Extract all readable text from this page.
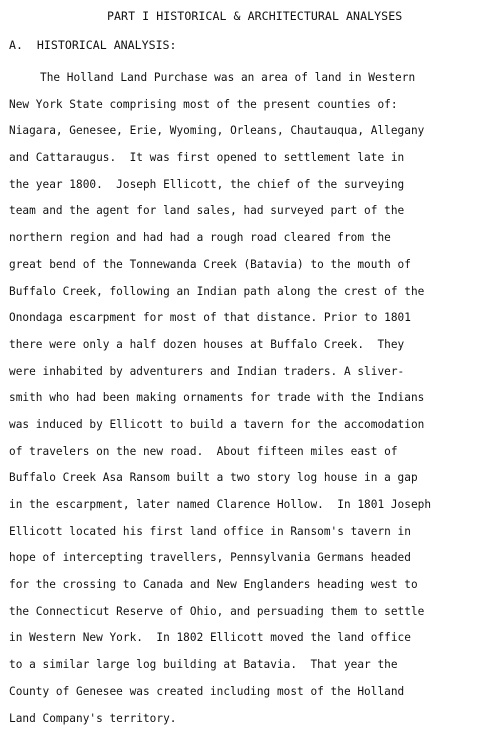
PART I HISTORICAL & ARCHITECTURAL ANALYSES
A.  HISTORICAL ANALYSIS:
The Holland Land Purchase was an area of land in Western
New York State comprising most of the present counties of:
Niagara, Genesee, Erie, Wyoming, Orleans, Chautauqua, Allegany
and Cattaraugus.  It was first opened to settlement late in
the year 1800.  Joseph Ellicott, the chief of the surveying
team and the agent for land sales, had surveyed part of the
northern region and had had a rough road cleared from the
great bend of the Tonnewanda Creek (Batavia) to the mouth of
Buffalo Creek, following an Indian path along the crest of the
Onondaga escarpment for most of that distance. Prior to 1801
there were only a half dozen houses at Buffalo Creek.  They
were inhabited by adventurers and Indian traders. A sliver-
smith who had been making ornaments for trade with the Indians
was induced by Ellicott to build a tavern for the accomodation
of travelers on the new road.  About fifteen miles east of
Buffalo Creek Asa Ransom built a two story log house in a gap
in the escarpment, later named Clarence Hollow.  In 1801 Joseph
Ellicott located his first land office in Ransom's tavern in
hope of intercepting travellers, Pennsylvania Germans headed
for the crossing to Canada and New Englanders heading west to
the Connecticut Reserve of Ohio, and persuading them to settle
in Western New York.  In 1802 Ellicott moved the land office
to a similar large log building at Batavia.  That year the
County of Genesee was created including most of the Holland
Land Company's territory.
